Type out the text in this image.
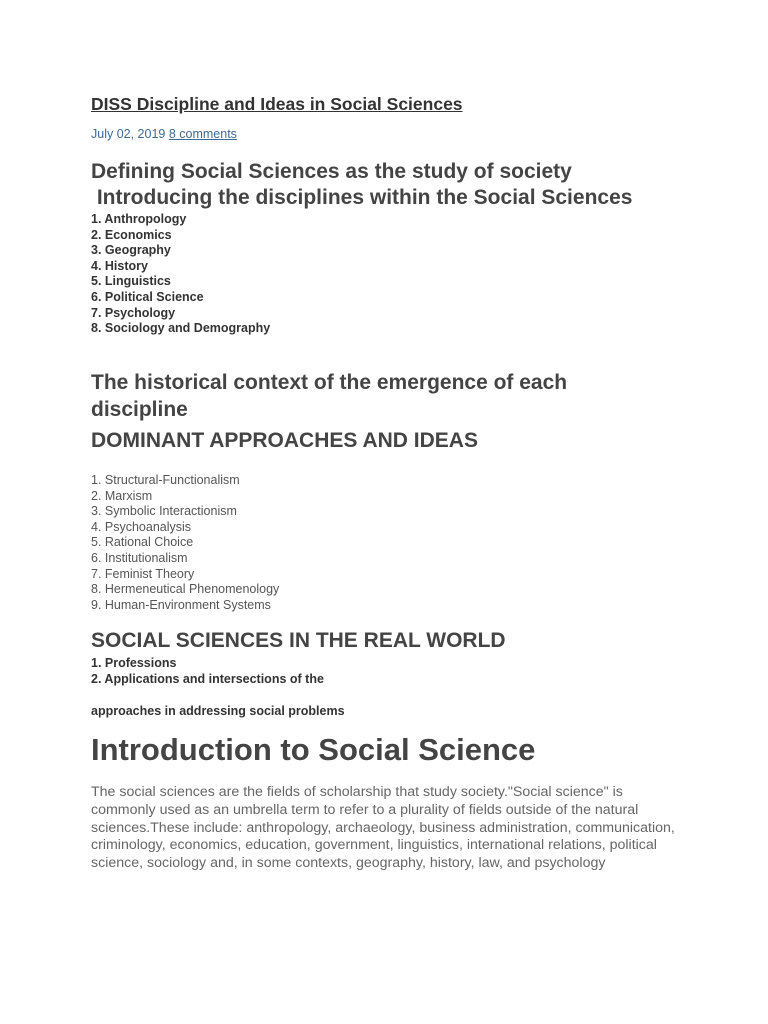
DISS Discipline and Ideas in Social Sciences
July 02, 2019 8 comments
Defining Social Sciences as the study of society
Introducing the disciplines within the Social Sciences
1. Anthropology
2. Economics
3. Geography
4. History
5. Linguistics
6. Political Science
7. Psychology
8. Sociology and Demography
The historical context of the emergence of each discipline
DOMINANT APPROACHES AND IDEAS
1. Structural-Functionalism
2. Marxism
3. Symbolic Interactionism
4. Psychoanalysis
5. Rational Choice
6. Institutionalism
7. Feminist Theory
8. Hermeneutical Phenomenology
9. Human-Environment Systems
SOCIAL SCIENCES IN THE REAL WORLD
1. Professions
2. Applications and intersections of the
approaches in addressing social problems
Introduction to Social Science

The social sciences are the fields of scholarship that study society."Social science" is commonly used as an umbrella term to refer to a plurality of fields outside of the natural sciences.These include: anthropology, archaeology, business administration, communication, criminology, economics, education, government, linguistics, international relations, political science, sociology and, in some contexts, geography, history, law, and psychology
